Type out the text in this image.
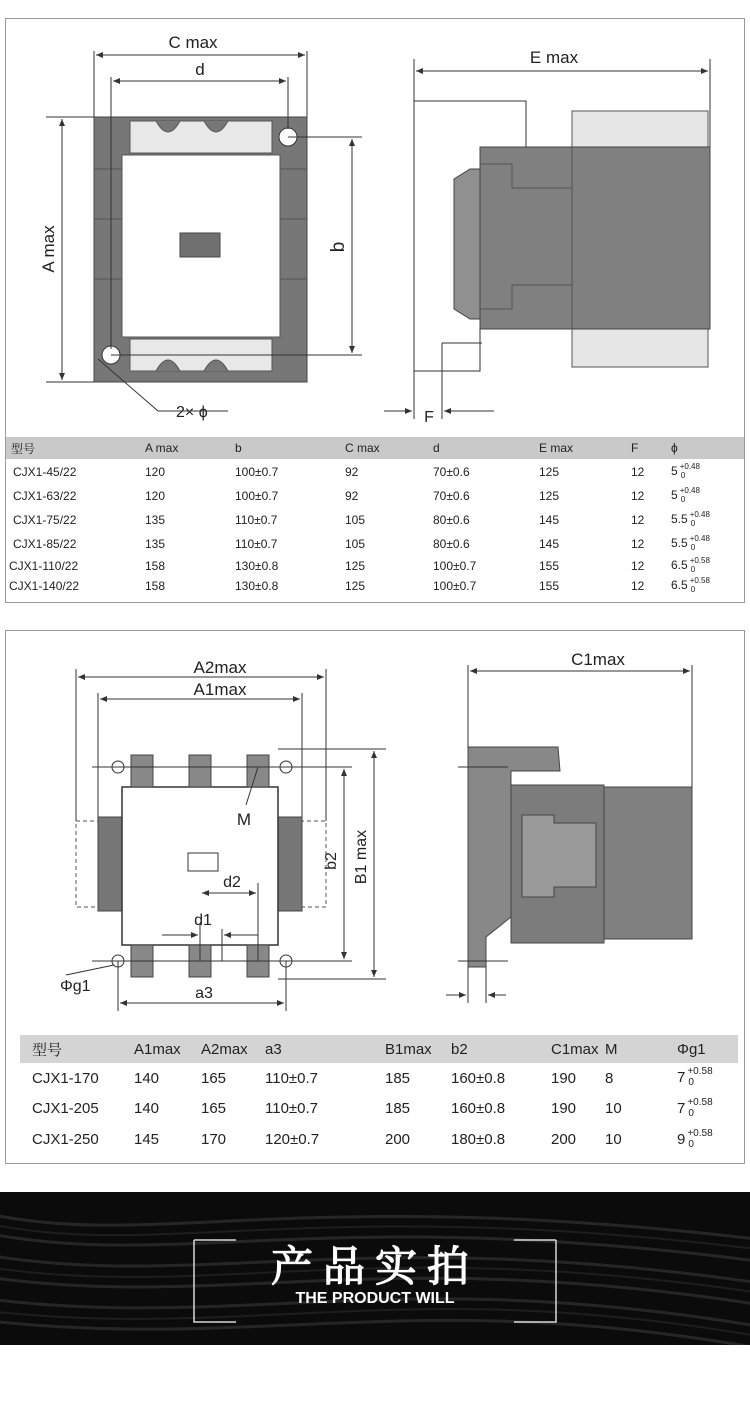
C max
d
A max	b
2× ϕ
E max
F
型号	A max	b	C max	d	E max	F	ϕ
CJX1-45/22	120	100±0.7	92	70±0.6	125	12	5 +0.48
0

CJX1-63/22	120	100±0.7	92	70±0.6	125	12	5 +0.48
0

CJX1-75/22	135	110±0.7	105	80±0.6	145	12	5.5 +0.48
0

CJX1-85/22	135	110±0.7	105	80±0.6	145	12	5.5 +0.48
0

CJX1-110/22	158	130±0.8	125	100±0.7	155	12	6.5 +0.58
0

CJX1-140/22	158	130±0.8	125	100±0.7	155	12	6.5 +0.58
0
A2max
A1max
M
b2 B1 max
d2
d1
Φg1	a3
C1max
型号	A1max	A2max	a3	B1max	b2	C1max	M	Φg1
CJX1-170	140	165	110±0.7	185	160±0.8	190	8	7 +0.58
0

CJX1-205	140	165	110±0.7	185	160±0.8	190	10	7 +0.58
0

CJX1-250	145	170	120±0.7	200	180±0.8	200	10	9 +0.58
0
产品实拍
THE PRODUCT WILL
